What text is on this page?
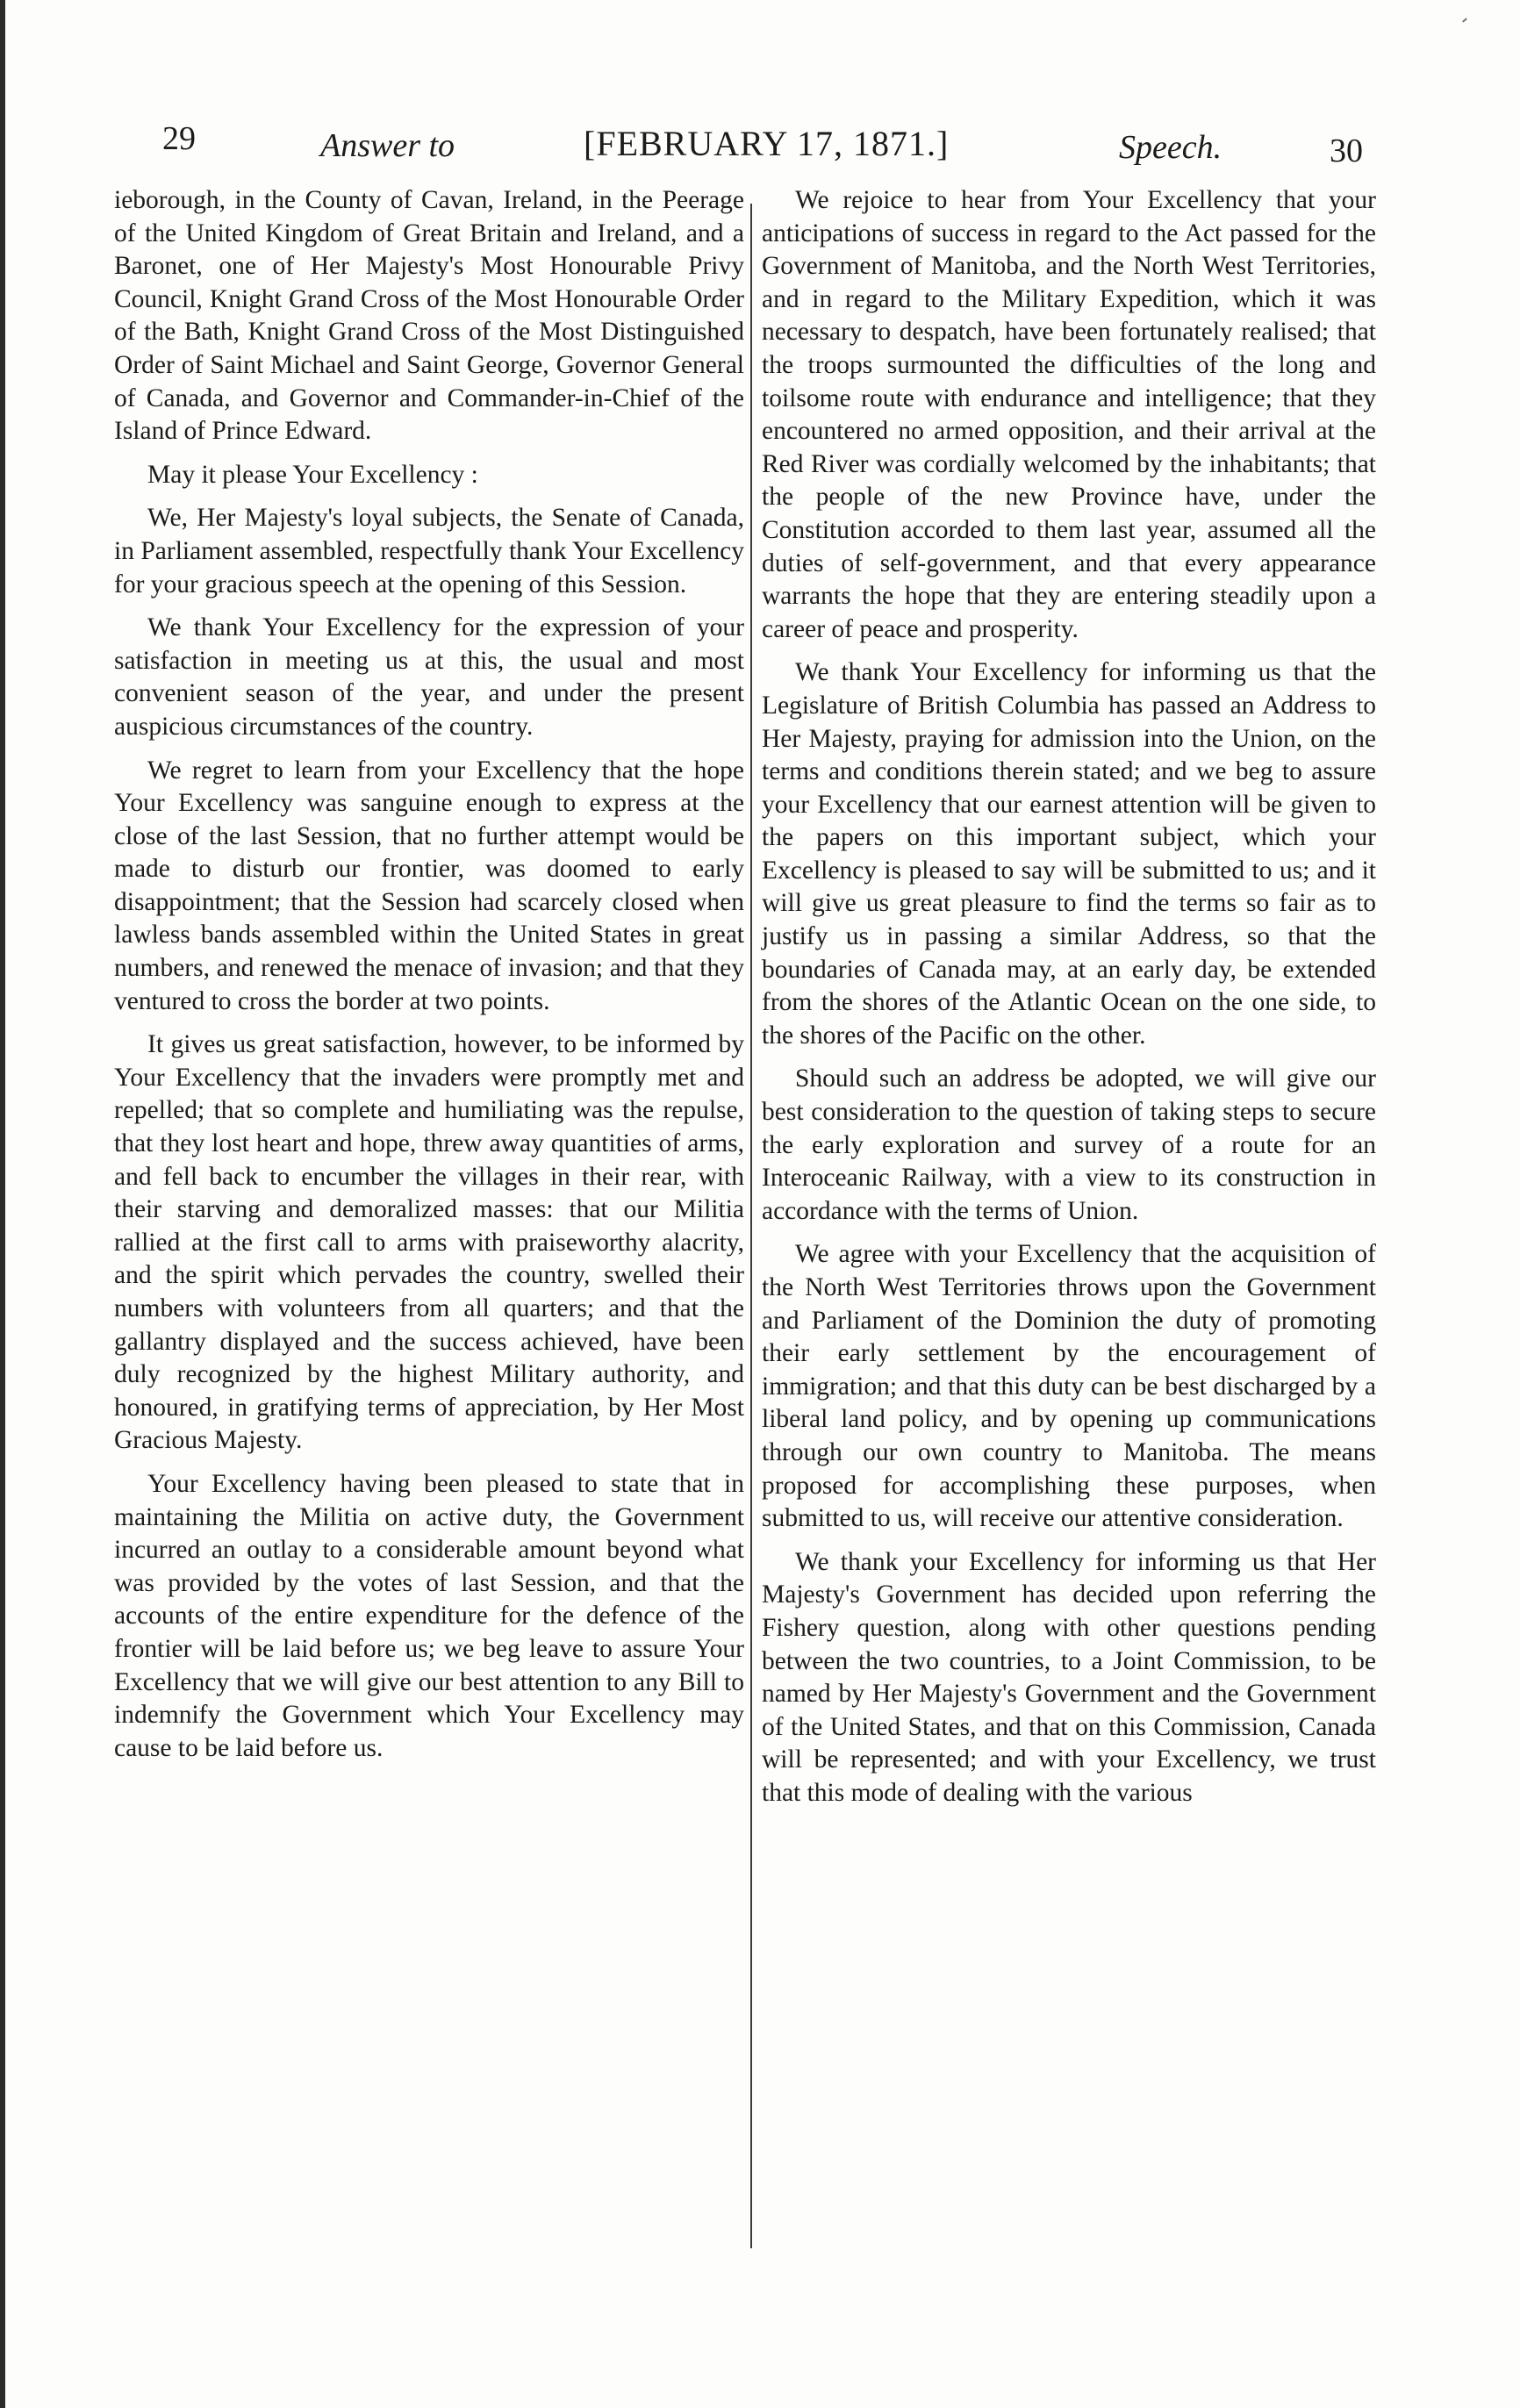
29	Answer to	[FEBRUARY 17, 1871.]	Speech.	30

ieborough, in the County of Cavan, Ireland, in the Peerage of the United Kingdom of Great Britain and Ireland, and a Baronet, one of Her Majesty's Most Honourable Privy Council, Knight Grand Cross of the Most Honourable Order of the Bath, Knight Grand Cross of the Most Distinguished Order of Saint Michael and Saint George, Governor General of Canada, and Governor and Commander-in-Chief of the Island of Prince Edward.

May it please Your Excellency :

We, Her Majesty's loyal subjects, the Senate of Canada, in Parliament assembled, respectfully thank Your Excellency for your gracious speech at the opening of this Session.

We thank Your Excellency for the expression of your satisfaction in meeting us at this, the usual and most convenient season of the year, and under the present auspicious circumstances of the country.

We regret to learn from your Excellency that the hope Your Excellency was sanguine enough to express at the close of the last Session, that no further attempt would be made to disturb our frontier, was doomed to early disappointment; that the Session had scarcely closed when lawless bands assembled within the United States in great numbers, and renewed the menace of invasion; and that they ventured to cross the border at two points.

It gives us great satisfaction, however, to be informed by Your Excellency that the invaders were promptly met and repelled; that so complete and humiliating was the repulse, that they lost heart and hope, threw away quantities of arms, and fell back to encumber the villages in their rear, with their starving and demoralized masses: that our Militia rallied at the first call to arms with praiseworthy alacrity, and the spirit which pervades the country, swelled their numbers with volunteers from all quarters; and that the gallantry displayed and the success achieved, have been duly recognized by the highest Military authority, and honoured, in gratifying terms of appreciation, by Her Most Gracious Majesty.

Your Excellency having been pleased to state that in maintaining the Militia on active duty, the Government incurred an outlay to a considerable amount beyond what was provided by the votes of last Session, and that the accounts of the entire expenditure for the defence of the frontier will be laid before us; we beg leave to assure Your Excellency that we will give our best attention to any Bill to indemnify the Government which Your Excellency may cause to be laid before us.

We rejoice to hear from Your Excellency that your anticipations of success in regard to the Act passed for the Government of Manitoba, and the North West Territories, and in regard to the Military Expedition, which it was necessary to despatch, have been fortunately realised; that the troops surmounted the difficulties of the long and toilsome route with endurance and intelligence; that they encountered no armed opposition, and their arrival at the Red River was cordially welcomed by the inhabitants; that the people of the new Province have, under the Constitution accorded to them last year, assumed all the duties of self-government, and that every appearance warrants the hope that they are entering steadily upon a career of peace and prosperity.

We thank Your Excellency for informing us that the Legislature of British Columbia has passed an Address to Her Majesty, praying for admission into the Union, on the terms and conditions therein stated; and we beg to assure your Excellency that our earnest attention will be given to the papers on this important subject, which your Excellency is pleased to say will be submitted to us; and it will give us great pleasure to find the terms so fair as to justify us in passing a similar Address, so that the boundaries of Canada may, at an early day, be extended from the shores of the Atlantic Ocean on the one side, to the shores of the Pacific on the other.

Should such an address be adopted, we will give our best consideration to the question of taking steps to secure the early exploration and survey of a route for an Interoceanic Railway, with a view to its construction in accordance with the terms of Union.

We agree with your Excellency that the acquisition of the North West Territories throws upon the Government and Parliament of the Dominion the duty of promoting their early settlement by the encouragement of immigration; and that this duty can be best discharged by a liberal land policy, and by opening up communications through our own country to Manitoba. The means proposed for accomplishing these purposes, when submitted to us, will receive our attentive consideration.

We thank your Excellency for informing us that Her Majesty's Government has decided upon referring the Fishery question, along with other questions pending between the two countries, to a Joint Commission, to be named by Her Majesty's Government and the Government of the United States, and that on this Commission, Canada will be represented; and with your Excellency, we trust that this mode of dealing with the various
